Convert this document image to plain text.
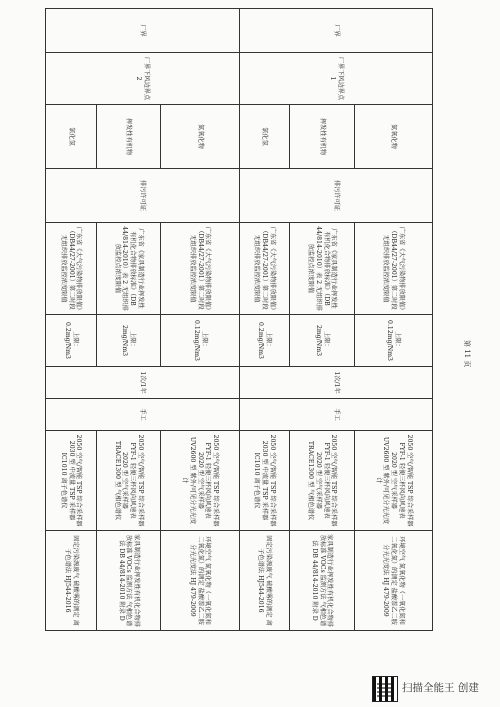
厂界	厂界下风边界点 1	氮氧化物	排污许可证	广东省《大气污染物排放限值》（DB44/27-2001）第二时段无组织排放监控浓度限值	上限：0.12mg/Nm3	1次/1年	手工	2050 空气/智能 TSP 综合采样器
FYF-1 轻便三杯风向风速表
2020 型 空气采样器
UV2600 型 紫外/可见分光光度计	环境空气 氮氧化物（一氧化氮和二氧化氮）的测定 盐酸萘乙二胺分光光度法 HJ 479-2009
		挥发性有机物		广东省《家具制造行业挥发性有机化合物排放标准》（DB 44/814-2010）表 2 无组织排放监控点浓度限值	上限：2mg/Nm3			2050 空气/智能 TSP 综合采样器
FYF-1 轻便三杯风向风速表
2020 型 空气采样器
TRACE1300 型 气相色谱仪	家具制造行业挥发性有机化合物排放标准 VOCs 监测方法 气相色谱法 DB 44/814-2010 附录 D
		氯化氢		广东省《大气污染物排放限值》（DB44/27-2001）第二时段无组织排放监控浓度限值	上限：0.2mg/Nm3			2050 空气/智能 TSP 综合采样器
2030 型 中流量 TSP 采样器
IC1010 离子色谱仪	固定污染源废气 硫酸雾的测定 离子色谱法 HJ544-2016
厂界	厂界下风边界点 2	氮氧化物	排污许可证	广东省《大气污染物排放限值》（DB44/27-2001）第二时段无组织排放监控浓度限值	上限：0.12mg/Nm3	1次/1年	手工	2050 空气/智能 TSP 综合采样器
FYF-1 轻便三杯风向风速表
2020 型 空气采样器
UV2600 型 紫外/可见分光光度计	环境空气 氮氧化物（一氧化氮和二氧化氮）的测定 盐酸萘乙二胺分光光度法 HJ 479-2009
		挥发性有机物		广东省《家具制造行业挥发性有机化合物排放标准》（DB 44/814-2010）表 2 无组织排放监控点浓度限值	上限：2mg/Nm3			2050 空气/智能 TSP 综合采样器
FYF-1 轻便三杯风向风速表
2020 型 空气采样器
TRACE1300 型 气相色谱仪	家具制造行业挥发性有机化合物排放标准 VOCs 监测方法 气相色谱法 DB 44/814-2010 附录 D
		氯化氢		广东省《大气污染物排放限值》（DB44/27-2001）第二时段无组织排放监控浓度限值	上限：0.2mg/Nm3			2050 空气/智能 TSP 综合采样器
2030 型 中流量 TSP 采样器
IC1010 离子色谱仪	固定污染源废气 硫酸雾的测定 离子色谱法 HJ544-2016
第 11 页
扫描全能王 创建
